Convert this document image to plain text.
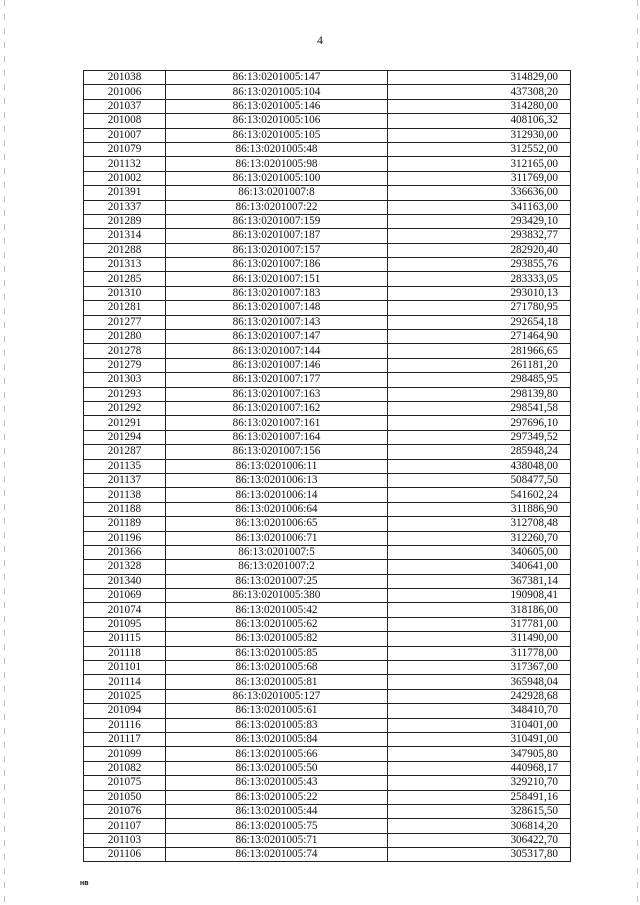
4
201038	86:13:0201005:147	314829,00
201006	86:13:0201005:104	437308,20
201037	86:13:0201005:146	314280,00
201008	86:13:0201005:106	408106,32
201007	86:13:0201005:105	312930,00
201079	86:13:0201005:48	312552,00
201132	86:13:0201005:98	312165,00
201002	86:13:0201005:100	311769,00
201391	86:13:0201007:8	336636,00
201337	86:13:0201007:22	341163,00
201289	86:13:0201007:159	293429,10
201314	86:13:0201007:187	293832,77
201288	86:13:0201007:157	282920,40
201313	86:13:0201007:186	293855,76
201285	86:13:0201007:151	283333,05
201310	86:13:0201007:183	293010,13
201281	86:13:0201007:148	271780,95
201277	86:13:0201007:143	292654,18
201280	86:13:0201007:147	271464,90
201278	86:13:0201007:144	281966,65
201279	86:13:0201007:146	261181,20
201303	86:13:0201007:177	298485,95
201293	86:13:0201007:163	298139,80
201292	86:13:0201007:162	298541,58
201291	86:13:0201007:161	297696,10
201294	86:13:0201007:164	297349,52
201287	86:13:0201007:156	285948,24
201135	86:13:0201006:11	438048,00
201137	86:13:0201006:13	508477,50
201138	86:13:0201006:14	541602,24
201188	86:13:0201006:64	311886,90
201189	86:13:0201006:65	312708,48
201196	86:13:0201006:71	312260,70
201366	86:13:0201007:5	340605,00
201328	86:13:0201007:2	340641,00
201340	86:13:0201007:25	367381,14
201069	86:13:0201005:380	190908,41
201074	86:13:0201005:42	318186,00
201095	86:13:0201005:62	317781,00
201115	86:13:0201005:82	311490,00
201118	86:13:0201005:85	311778,00
201101	86:13:0201005:68	317367,00
201114	86:13:0201005:81	365948,04
201025	86:13:0201005:127	242928,68
201094	86:13:0201005:61	348410,70
201116	86:13:0201005:83	310401,00
201117	86:13:0201005:84	310491,00
201099	86:13:0201005:66	347905,80
201082	86:13:0201005:50	440968,17
201075	86:13:0201005:43	329210,70
201050	86:13:0201005:22	258491,16
201076	86:13:0201005:44	328615,50
201107	86:13:0201005:75	306814,20
201103	86:13:0201005:71	306422,70
201106	86:13:0201005:74	305317,80
нв
